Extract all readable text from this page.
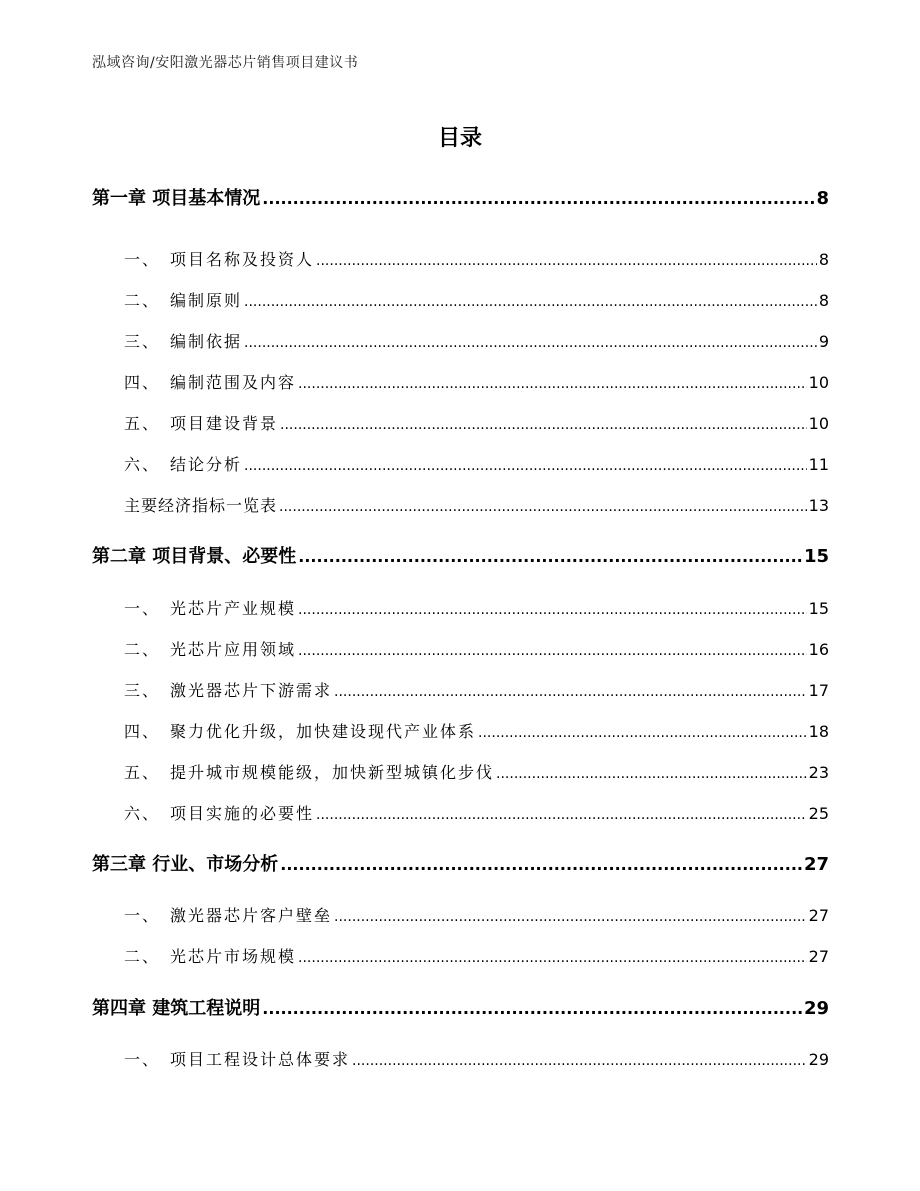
泓域咨询/安阳激光器芯片销售项目建议书
目录
第一章 项目基本情况 .....	8
一、 项目名称及投资人 .....	8
二、 编制原则 .....	8
三、 编制依据 .....	9
四、 编制范围及内容 .....	10
五、 项目建设背景 .....	10
六、 结论分析 .....	11
主要经济指标一览表 .....	13
第二章 项目背景、必要性 .....	15
一、 光芯片产业规模 .....	15
二、 光芯片应用领域 .....	16
三、 激光器芯片下游需求 .....	17
四、 聚力优化升级，加快建设现代产业体系 .....	18
五、 提升城市规模能级，加快新型城镇化步伐 .....	23
六、 项目实施的必要性 .....	25
第三章 行业、市场分析 .....	27
一、 激光器芯片客户壁垒 .....	27
二、 光芯片市场规模 .....	27
第四章 建筑工程说明 .....	29
一、 项目工程设计总体要求 .....	29
